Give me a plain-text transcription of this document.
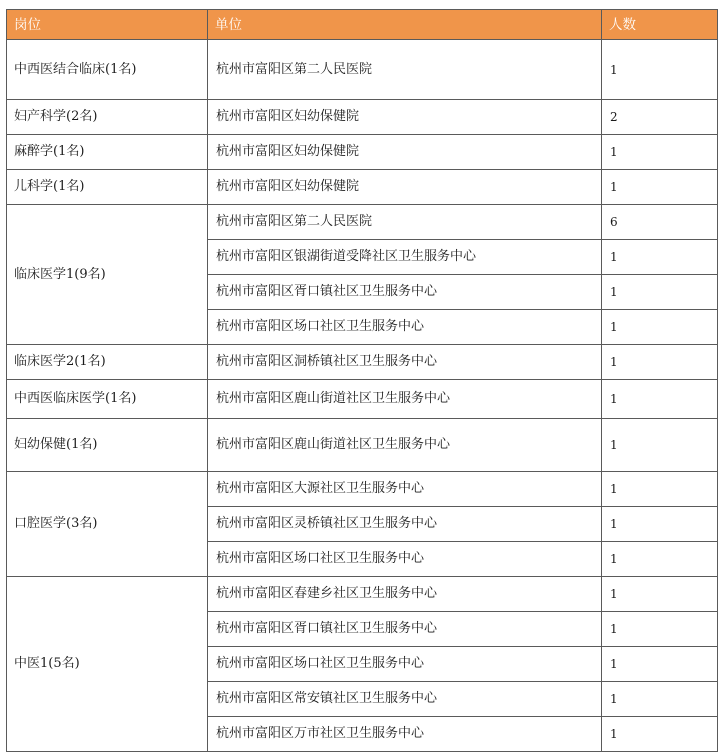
岗位	单位	人数
中西医结合临床(1名)	杭州市富阳区第二人民医院	1
妇产科学(2名)	杭州市富阳区妇幼保健院	2
麻醉学(1名)	杭州市富阳区妇幼保健院	1
儿科学(1名)	杭州市富阳区妇幼保健院	1
临床医学1(9名)	杭州市富阳区第二人民医院	6
	杭州市富阳区银湖街道受降社区卫生服务中心	1
	杭州市富阳区胥口镇社区卫生服务中心	1
	杭州市富阳区场口社区卫生服务中心	1
临床医学2(1名)	杭州市富阳区洞桥镇社区卫生服务中心	1
中西医临床医学(1名)	杭州市富阳区鹿山街道社区卫生服务中心	1
妇幼保健(1名)	杭州市富阳区鹿山街道社区卫生服务中心	1
口腔医学(3名)	杭州市富阳区大源社区卫生服务中心	1
	杭州市富阳区灵桥镇社区卫生服务中心	1
	杭州市富阳区场口社区卫生服务中心	1
中医1(5名)	杭州市富阳区春建乡社区卫生服务中心	1
	杭州市富阳区胥口镇社区卫生服务中心	1
	杭州市富阳区场口社区卫生服务中心	1
	杭州市富阳区常安镇社区卫生服务中心	1
	杭州市富阳区万市社区卫生服务中心	1
